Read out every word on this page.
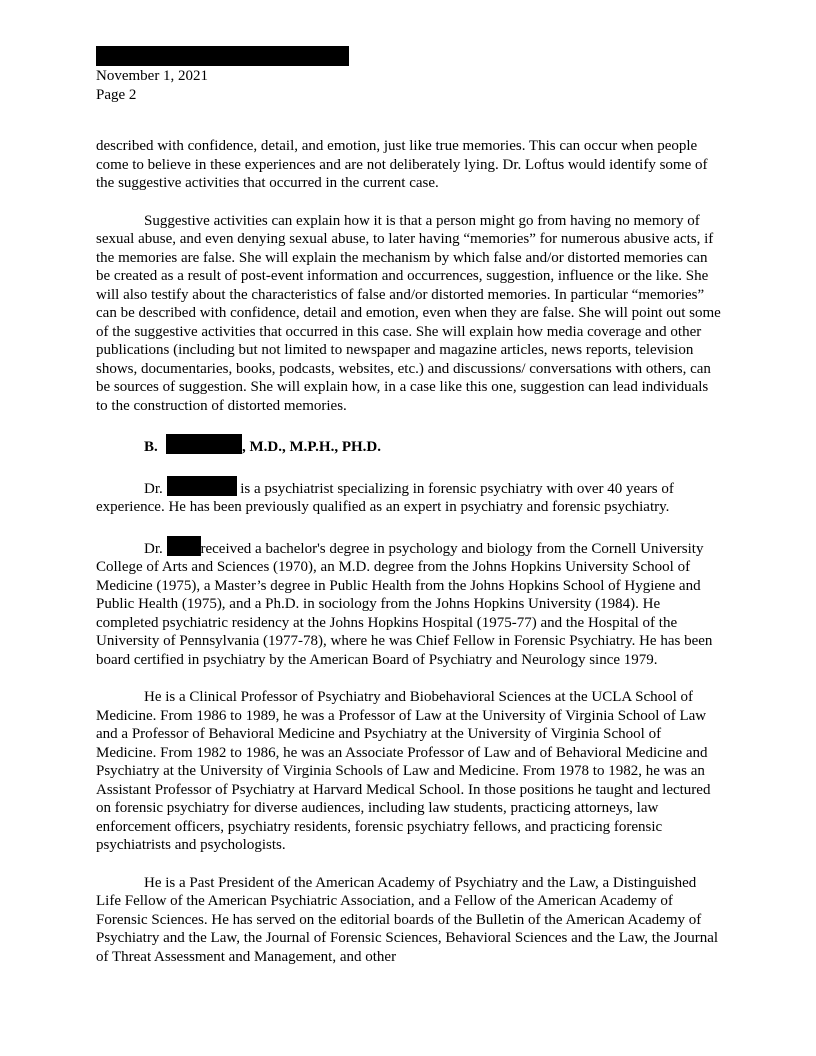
November 1, 2021
Page 2

described with confidence, detail, and emotion, just like true memories. This can occur when people come to believe in these experiences and are not deliberately lying. Dr. Loftus would identify some of the suggestive activities that occurred in the current case.

Suggestive activities can explain how it is that a person might go from having no memory of sexual abuse, and even denying sexual abuse, to later having “memories” for numerous abusive acts, if the memories are false. She will explain the mechanism by which false and/or distorted memories can be created as a result of post-event information and occurrences, suggestion, influence or the like. She will also testify about the characteristics of false and/or distorted memories. In particular “memories” can be described with confidence, detail and emotion, even when they are false. She will point out some of the suggestive activities that occurred in this case. She will explain how media coverage and other publications (including but not limited to newspaper and magazine articles, news reports, television shows, documentaries, books, podcasts, websites, etc.) and discussions/ conversations with others, can be sources of suggestion. She will explain how, in a case like this one, suggestion can lead individuals to the construction of distorted memories.

B.	, M.D., M.P.H., PH.D.

Dr.	is a psychiatrist specializing in forensic psychiatry with over 40 years of experience. He has been previously qualified as an expert in psychiatry and forensic psychiatry.

Dr.	received a bachelor's degree in psychology and biology from the Cornell University College of Arts and Sciences (1970), an M.D. degree from the Johns Hopkins University School of Medicine (1975), a Master’s degree in Public Health from the Johns Hopkins School of Hygiene and Public Health (1975), and a Ph.D. in sociology from the Johns Hopkins University (1984). He completed psychiatric residency at the Johns Hopkins Hospital (1975-77) and the Hospital of the University of Pennsylvania (1977-78), where he was Chief Fellow in Forensic Psychiatry. He has been board certified in psychiatry by the American Board of Psychiatry and Neurology since 1979.

He is a Clinical Professor of Psychiatry and Biobehavioral Sciences at the UCLA School of Medicine. From 1986 to 1989, he was a Professor of Law at the University of Virginia School of Law and a Professor of Behavioral Medicine and Psychiatry at the University of Virginia School of Medicine. From 1982 to 1986, he was an Associate Professor of Law and of Behavioral Medicine and Psychiatry at the University of Virginia Schools of Law and Medicine. From 1978 to 1982, he was an Assistant Professor of Psychiatry at Harvard Medical School. In those positions he taught and lectured on forensic psychiatry for diverse audiences, including law students, practicing attorneys, law enforcement officers, psychiatry residents, forensic psychiatry fellows, and practicing forensic psychiatrists and psychologists.

He is a Past President of the American Academy of Psychiatry and the Law, a Distinguished Life Fellow of the American Psychiatric Association, and a Fellow of the American Academy of Forensic Sciences. He has served on the editorial boards of the Bulletin of the American Academy of Psychiatry and the Law, the Journal of Forensic Sciences, Behavioral Sciences and the Law, the Journal of Threat Assessment and Management, and other
